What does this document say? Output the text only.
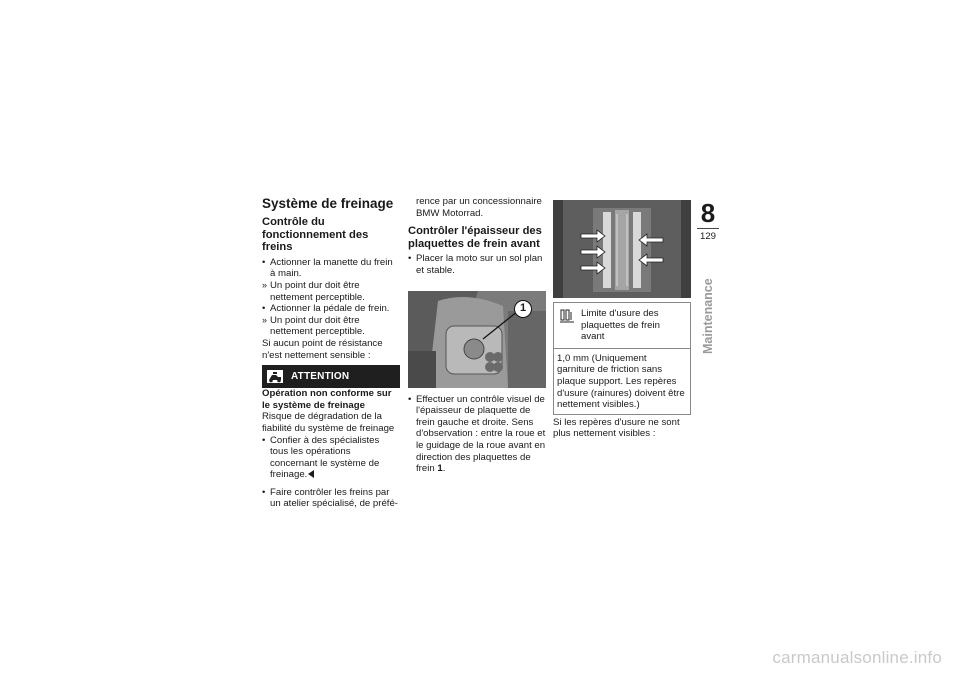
Système de freinage
Contrôle du fonctionnement des freins
• Actionner la manette du frein à main.
» Un point dur doit être nettement perceptible.
• Actionner la pédale de frein.
» Un point dur doit être nettement perceptible.

Si aucun point de résistance n'est nettement sensible :

ATTENTION

Opération non conforme sur le système de freinage

Risque de dégradation de la fiabilité du système de freinage

• Confier à des spécialistes tous les opérations concernant le système de freinage.
• Faire contrôler les freins par un atelier spécialisé, de préfé-

rence par un concessionnaire BMW Motorrad.

Contrôler l'épaisseur des plaquettes de frein avant
• Placer la moto sur un sol plan et stable.
1
• Effectuer un contrôle visuel de l'épaisseur de plaquette de frein gauche et droite. Sens d'observation : entre la roue et le guidage de la roue avant en direction des plaquettes de frein 1.
Limite d'usure des plaquettes de frein avant
1,0 mm (Uniquement garniture de friction sans plaque support. Les repères d'usure (rainures) doivent être nettement visibles.)

Si les repères d'usure ne sont plus nettement visibles :

8
129
Maintenance
carmanualsonline.info
